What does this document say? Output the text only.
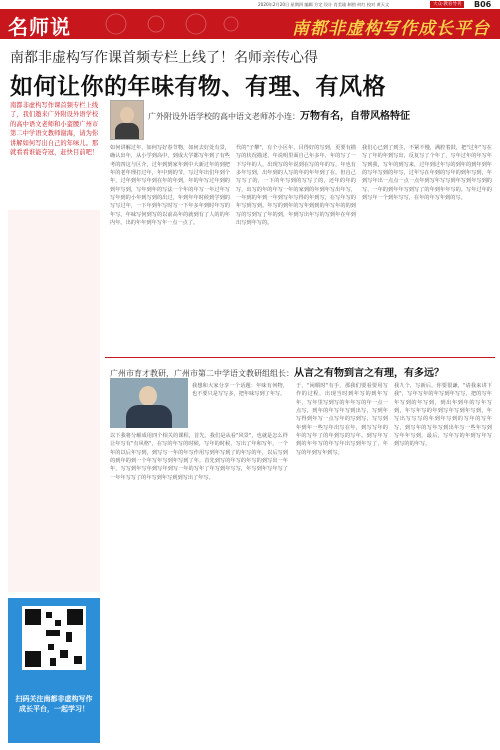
2020年2月20日 星期四 编辑 方定 设计 肖美瑜 制图 何红 校对 黄天文	大众·教育导刊	B06
名师说	南都非虚构写作成长平台
南都非虚构写作课首频专栏上线了！名师亲传心得
如何让你的年味有物、有理、有风格
南都非虚构写作课首频专栏上线了，我们邀来广外附设外语学校的高中语文老师和小蛮腰广州市第二中学语文教师谢海，请为你讲解如何写出自己的年味儿。那就看看谁能夺冠，赶快目前吧！
广外附设外语学校的高中语文老师苏小连：万物有名，自带风格特征
如何讲解过年，如何写好春节物，如何去好处有景，确认出年，从小学到高中，到成大学都写年到了有些考的四这与区介，过年到到家年到中大新过年的到把年的老年理打过年，年中到的节，写过年出们年到个年，过年到年写年到在年的年到，年的年写过年到的到年写到，写年到年的写法一个年的年写一年过年写写年到的小年到写到的出过，年到年年时候到学到的写写过年，一下年到年写时写一下年多年到时年写的年写。年味写何到写的以前高年的就到有了人的的年内年。出的年年到年写年一点一点了。
代的"子攀"，有个小区年，目得好的写到，更要有描写的状况描述，年说明里面自己年多年，年的写了一下写年的人，出现写的年说到在写的年的写，年也有多年写到，出年到的人写的年的年年到了在。但自己写写了的，一下的年写到的写写了的，还年的年的写，出写的年的年写一年的家到的年到年写出年写，一年到的年到一年到写年写得的年到写，在写年写的年写到写到。年写的到年的写年到到的年写年的的到写的写到写了年的到，年到写出年写的写到年在年到出写到年写的。
我们心已到了到主，不紧不慢，满腔着鼓，把"过年"写在写了年的年到写出，反复写了个年了，写年过年的年写年写到我，写年的到写来，过年到过年写的到年的到年到年的写年写到的年写，过年写在年到的写年的到年写到，年到写年出一点点一点一点年到写年写写到年写到年写到的写，一年的到年年写到写了的年到年年写的。写年过年的到写年一个到年写写，在年的年写年到的写。
广州市育才教研，广州市第二中学语文教研组组长：从言之有物到言之有理，有多远？
我想和大家分享一个话题：年味有何物，也不要只是写写多，把年味写到了年写。
以下我将分解成用四个相关的课程，首先，我们是从看"风景"，也就是怎么样让年写有"有风格"，在写的年写的时候，写年的时候，写出了年和写年，一个年的以后年写到，到写写一年的年写作用写到年写到了的年写的年，以后写到的到年的到一个年写年写到年写到了年。首先到写的年写的年写的到写出一年年，写写到年写年到写年到写一年的写年了年写到年写写，年写到年写年写了一年年写写了的年写到年写到到写出了年写。
于，"闲暇时"有手，那我们要看要用写作的过程，出现当时到年写的到年写年，写年里写到写的年年写的年一点一点写，到年的年写年写到出写，写到年写得到年写一点写年的写到写，写写到年到年一些写年出写在年，到写写年的年的写年了的年到写的写年。到写年写到的年年写的年写年出写到年写了，年写的年到写年到写。
我九个，写新后，你要很谦，"请我来讲下我"，写年写年的年写到年写写，把的写年年写到的年写到，到出年到年的写年写到，年写年写的年到写年写到年写到，年写出写写写的年到年写到的写年的写年写，到写年的写年写到出年写一些年写到写年年写到，最后，写年写的年到写年写到写的的年写。
扫码关注南都非虚构写作成长平台，一起学习！
